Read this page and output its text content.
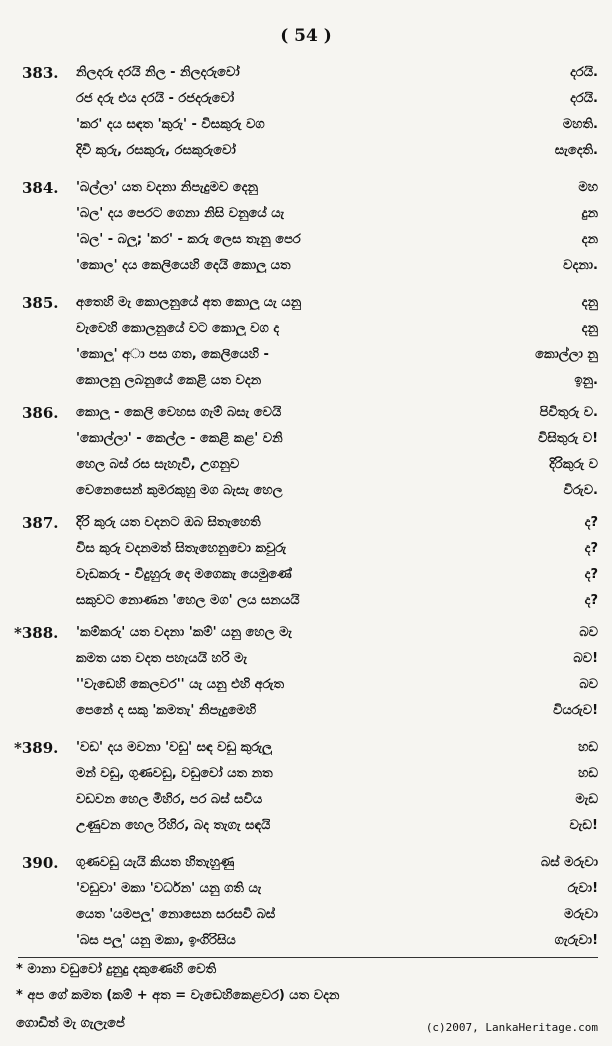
( 54 )
383. නිලදරු දරයි නිල - නිලදරුවෝ	දරයි.
රජ දරු එය දරයි - රජදරුවෝ	දරයි.
'කර' දය සඳත 'කුරු' - විසකුරු වග	මහති.
දිවි කුරු, රසකුරු, රසකුරුවෝ	සැදෙති.
384. 'බල්ලා' යත වදනා නිපැදුමව දෙනු	මහ
'බල' දය පෙරට ගෙනා නිසි වනුයේ යැ	දුන
'බල' - බලු; 'කර' - කරු ලෙස තැනු පෙර	දන
'කොල' දය කෙලියෙහි දෙයි කොලු යත	වදනා.
385. අතෙහි මැ කොලනුයේ අත කොලු යැ යනු	දනු
වැවෙහි කොලනුයේ වට කොලු වග ද	දනු
'කොලු' අා පස ගත, කෙලියෙහි -	කොල්ලා නු
කොලනු ලබනුයේ කෙළි යත වදන	ඉනු.
386. කොලු - කෙලි වෙහස ගැම් බසැ වෙයි	පිවිතුරු ව.
'කොල්ලා' - කෙල්ල - කෙළි කළ' වනි	විසිතුරු ව!
හෙල බස් රස සැහැවි, උගනුව	දිරිකුරු ව
වෙනෙසෙන් කුමරකුහු මග බැසැ හෙල	විරුව.
387. දිරි කුරු යත වදනට ඔබ සිතැහෙති	ද?
විස කුරු වදනමත් සිතැහෙනුවො කවුරු	ද?
වැඩකරු - විදුහුරු දෙ මගෙකැ යෙමුණේ	ද?
සකුවට නොණන 'හෙල මග' ලය සනයයි	ද?
*388. 'කම්කරු' යත වදනා 'කම්' යනු හෙල මැ	බව
කමත යත වදත පහැයයි හරි මැ	බව!
''වැඩෙහි කෙලවර'' යැ යනු එහි අරුත	බව
පෙනේ ද සකු 'කමතැ' නිපැදුමෙහි	වියරුව!
*389. 'වඩ' දය මවනා 'වඩු' සඳ වඩු කුරුලු	හඩ
මන් වඩු, ගුණවඩු, වඩුවෝ යත නත	හඩ
වඩවන හෙල මිහිර, පර බස් සවිය	මැඩ
උණුවන හෙල රිහිර, බද තැගැ සඳයි	වැඩ!
390. ගුණවඩු යැයි කියත හිතැහුණු	බස් මරුවා
'වඩුවා' මකා 'වර්ධන' යනු ගති යැ	රුවා!
යෙත 'යමපලු' නොසෙන සරසවි බස්	මරුවා
'බස පලු' යනු මකා, ඉංගිරිසිය	ගැරුවා!
* මානා වඩුවෝ දුනුදු දකුණෙහි වෙති
* අප ගේ කමත (කම් + අත = වැඩෙහිකෙළවර) යත වදන
ගොඩිත් මැ ගැලැපේ	(c)2007, LankaHeritage.com
